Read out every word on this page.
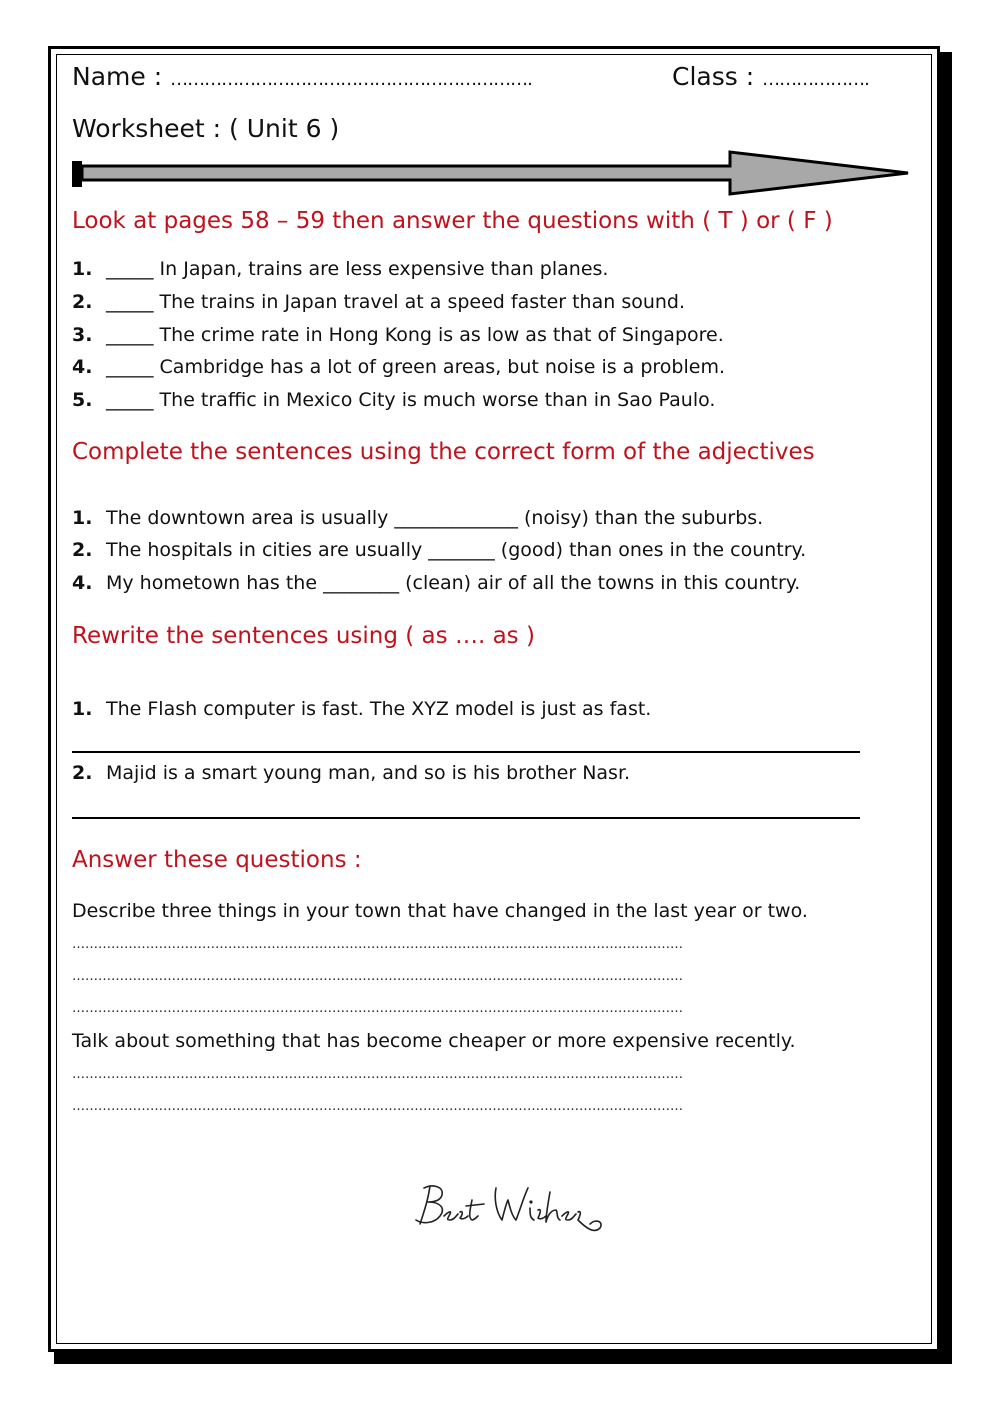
Name : ……………………………………………………….	Class : ……………….
Worksheet : ( Unit 6 )
Look at pages 58 – 59 then answer the questions with ( T ) or ( F )
1. _____ In Japan, trains are less expensive than planes.
2. _____ The trains in Japan travel at a speed faster than sound.
3. _____ The crime rate in Hong Kong is as low as that of Singapore.
4. _____ Cambridge has a lot of green areas, but noise is a problem.
5. _____ The traffic in Mexico City is much worse than in Sao Paulo.
Complete the sentences using the correct form of the adjectives
1. The downtown area is usually _____________ (noisy) than the suburbs.
2. The hospitals in cities are usually _______ (good) than ones in the country.
4. My hometown has the ________ (clean) air of all the towns in this country.
Rewrite the sentences using ( as …. as )
1. The Flash computer is fast. The XYZ model is just as fast.
2. Majid is a smart young man, and so is his brother Nasr.
Answer these questions :
Describe three things in your town that have changed in the last year or two.
……………………………………………………………………………………………………………………………
……………………………………………………………………………………………………………………………
……………………………………………………………………………………………………………………………
Talk about something that has become cheaper or more expensive recently.
……………………………………………………………………………………………………………………………
……………………………………………………………………………………………………………………………
